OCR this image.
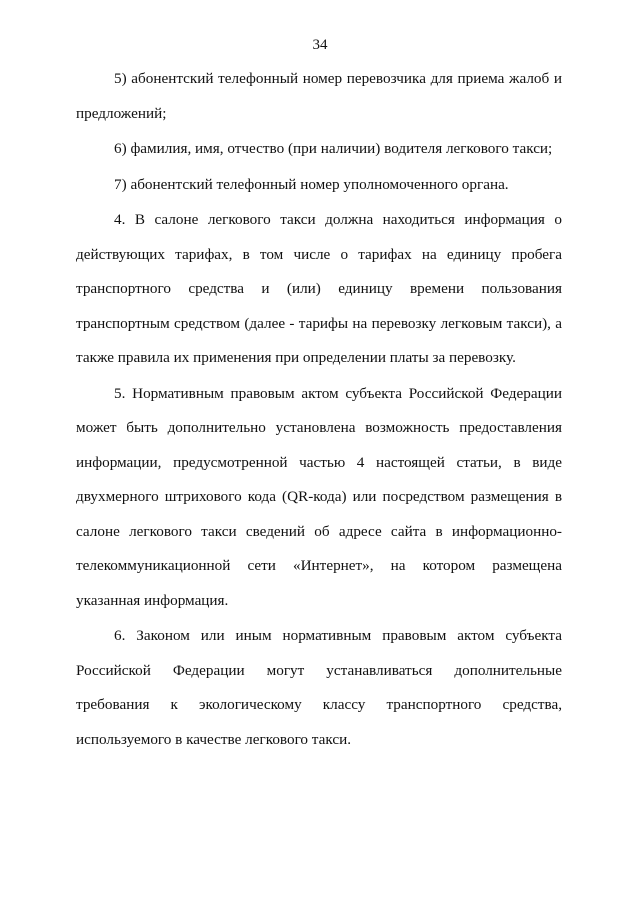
34

5) абонентский телефонный номер перевозчика для приема жалоб и предложений;

6) фамилия, имя, отчество (при наличии) водителя легкового такси;

7) абонентский телефонный номер уполномоченного органа.

4. В салоне легкового такси должна находиться информация о действующих тарифах, в том числе о тарифах на единицу пробега транспортного средства и (или) единицу времени пользования транспортным средством (далее - тарифы на перевозку легковым такси), а также правила их применения при определении платы за перевозку.

5. Нормативным правовым актом субъекта Российской Федерации может быть дополнительно установлена возможность предоставления информации, предусмотренной частью 4 настоящей статьи, в виде двухмерного штрихового кода (QR-кода) или посредством размещения в салоне легкового такси сведений об адресе сайта в информационно-телекоммуникационной сети «Интернет», на котором размещена указанная информация.

6. Законом или иным нормативным правовым актом субъекта Российской Федерации могут устанавливаться дополнительные требования к экологическому классу транспортного средства, используемого в качестве легкового такси.
